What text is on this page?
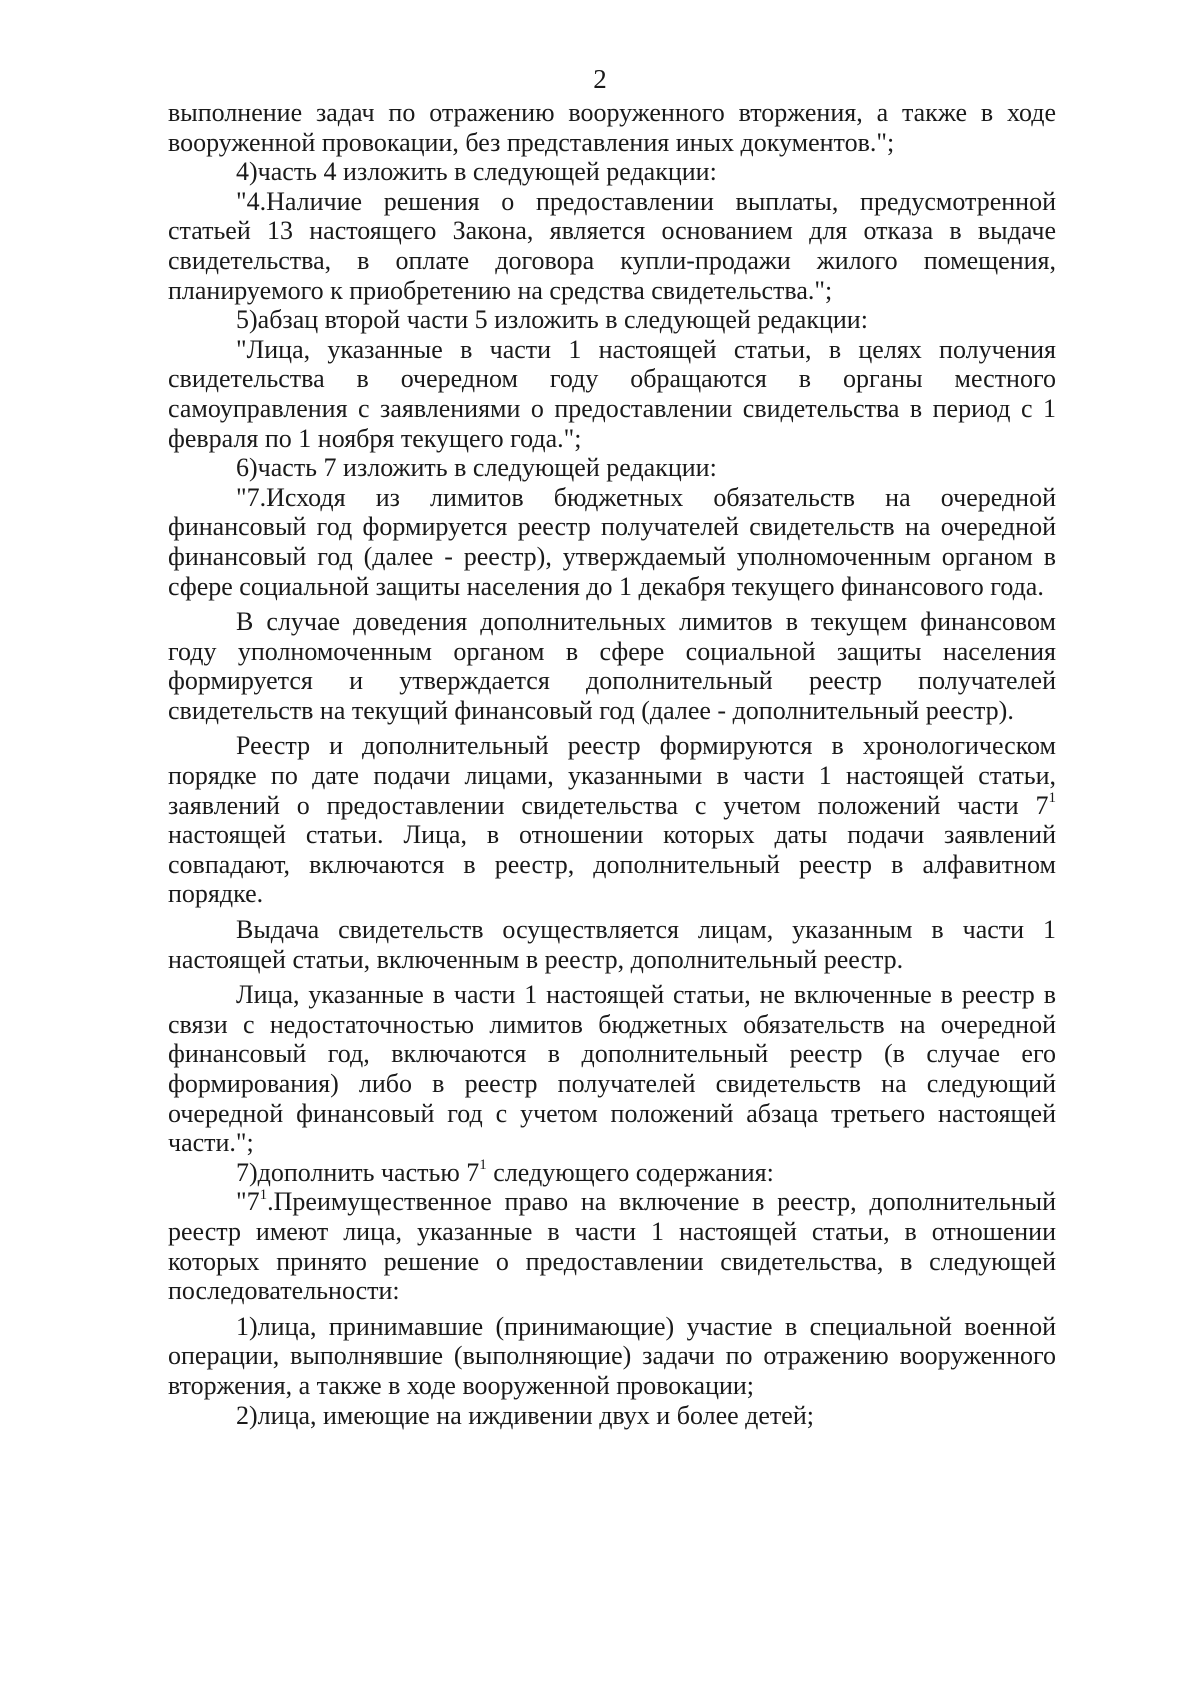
2

выполнение задач по отражению вооруженного вторжения, а также в ходе вооруженной провокации, без представления иных документов.";

4)часть 4 изложить в следующей редакции:

"4.Наличие решения о предоставлении выплаты, предусмотренной статьей 13 настоящего Закона, является основанием для отказа в выдаче свидетельства, в оплате договора купли-продажи жилого помещения, планируемого к приобретению на средства свидетельства.";

5)абзац второй части 5 изложить в следующей редакции:

"Лица, указанные в части 1 настоящей статьи, в целях получения свидетельства в очередном году обращаются в органы местного самоуправления с заявлениями о предоставлении свидетельства в период с 1 февраля по 1 ноября текущего года.";

6)часть 7 изложить в следующей редакции:

"7.Исходя из лимитов бюджетных обязательств на очередной финансовый год формируется реестр получателей свидетельств на очередной финансовый год (далее - реестр), утверждаемый уполномоченным органом в сфере социальной защиты населения до 1 декабря текущего финансового года.

В случае доведения дополнительных лимитов в текущем финансовом году уполномоченным органом в сфере социальной защиты населения формируется и утверждается дополнительный реестр получателей свидетельств на текущий финансовый год (далее - дополнительный реестр).

Реестр и дополнительный реестр формируются в хронологическом порядке по дате подачи лицами, указанными в части 1 настоящей статьи, заявлений о предоставлении свидетельства с учетом положений части $7^1$ настоящей статьи. Лица, в отношении которых даты подачи заявлений совпадают, включаются в реестр, дополнительный реестр в алфавитном порядке.

Выдача свидетельств осуществляется лицам, указанным в части 1 настоящей статьи, включенным в реестр, дополнительный реестр.

Лица, указанные в части 1 настоящей статьи, не включенные в реестр в связи с недостаточностью лимитов бюджетных обязательств на очередной финансовый год, включаются в дополнительный реестр (в случае его формирования) либо в реестр получателей свидетельств на следующий очередной финансовый год с учетом положений абзаца третьего настоящей части.";

7)дополнить частью $7^1$ следующего содержания:

"$7^1.Преимущественное$ право на включение в реестр, дополнительный реестр имеют лица, указанные в части 1 настоящей статьи, в отношении которых принято решение о предоставлении свидетельства, в следующей последовательности:

1)лица, принимавшие (принимающие) участие в специальной военной операции, выполнявшие (выполняющие) задачи по отражению вооруженного вторжения, а также в ходе вооруженной провокации;

2)лица, имеющие на иждивении двух и более детей;
